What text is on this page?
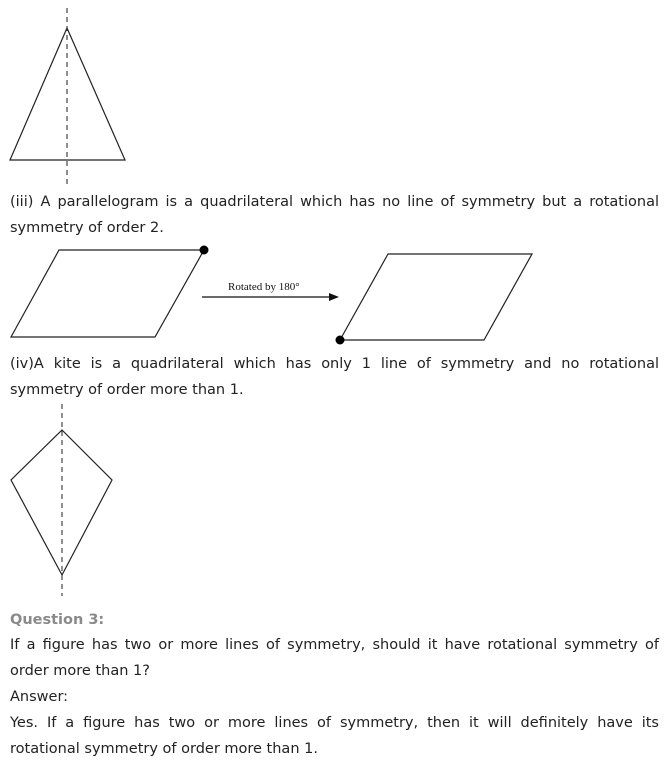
(iii) A parallelogram is a quadrilateral which has no line of symmetry but a rotational symmetry of order 2.

Rotated by 180°

(iv)A kite is a quadrilateral which has only 1 line of symmetry and no rotational symmetry of order more than 1.

Question 3:

If a figure has two or more lines of symmetry, should it have rotational symmetry of order more than 1?

Answer:

Yes. If a figure has two or more lines of symmetry, then it will definitely have its rotational symmetry of order more than 1.
